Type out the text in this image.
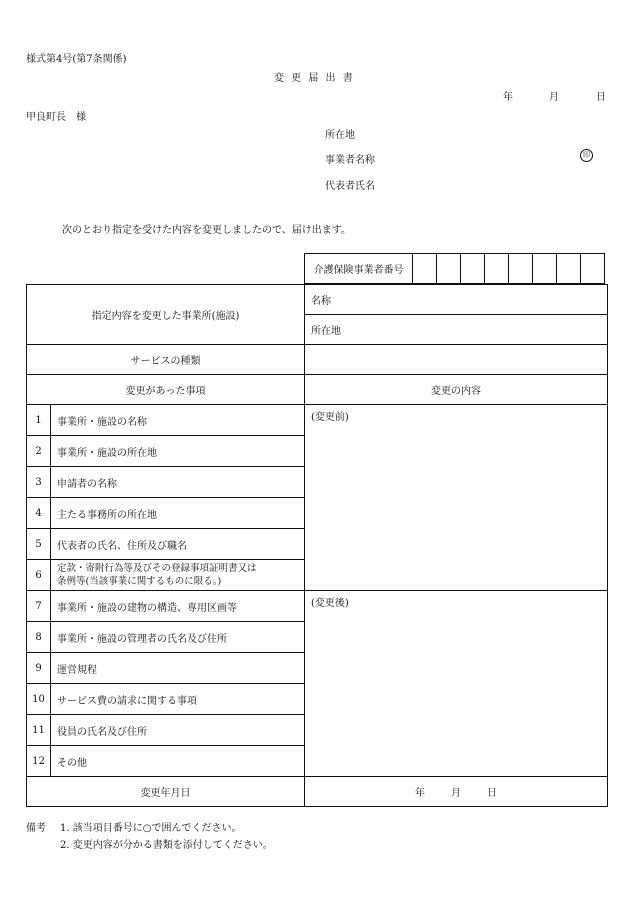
様式第4号(第7条関係)
変 更 届 出 書
年	月	日
甲良町長　様
所在地
事業者名称	印
代表者氏名
次のとおり指定を受けた内容を変更しましたので、届け出ます。
介護保険事業者番号								
指定内容を変更した事業所(施設)		名称
		所在地
サービスの種類		
変更があった事項		変更の内容
1	事業所・施設の名称	(変更前)
2	事業所・施設の所在地	
3	申請者の名称	
4	主たる事務所の所在地	
5	代表者の氏名、住所及び職名	
6	定款・寄附行為等及びその登録事項証明書又は
条例等(当該事業に関するものに限る。)	

7	事業所・施設の建物の構造、専用区画等	(変更後)
8	事業所・施設の管理者の氏名及び住所	
9	運営規程	
10	サービス費の請求に関する事項	
11	役員の氏名及び住所	
12	その他	
変更年月日		年 月 日
備考 1. 該当項目番号に○で囲んでください。
2. 変更内容が分かる書類を添付してください。
